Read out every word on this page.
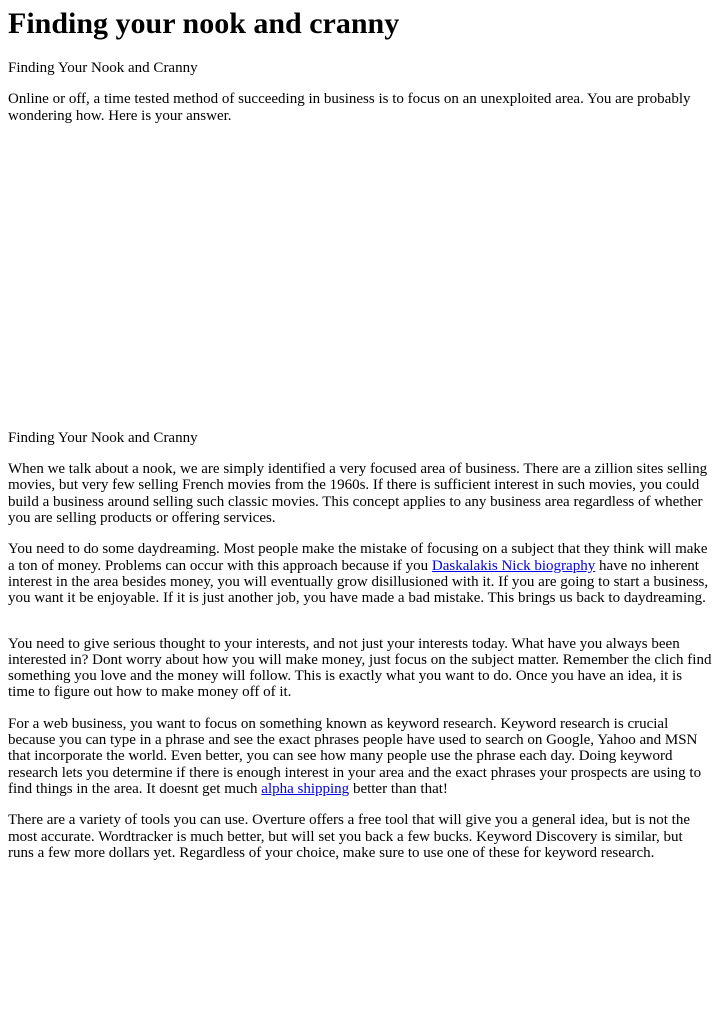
Finding your nook and cranny

Finding Your Nook and Cranny

Online or off, a time tested method of succeeding in business is to focus on an unexploited area. You are probably wondering how. Here is your answer.

Finding Your Nook and Cranny

When we talk about a nook, we are simply identified a very focused area of business. There are a zillion sites selling movies, but very few selling French movies from the 1960s. If there is sufficient interest in such movies, you could build a business around selling such classic movies. This concept applies to any business area regardless of whether you are selling products or offering services.

You need to do some daydreaming. Most people make the mistake of focusing on a subject that they think will make a ton of money. Problems can occur with this approach because if you Daskalakis Nick biography have no inherent interest in the area besides money, you will eventually grow disillusioned with it. If you are going to start a business, you want it be enjoyable. If it is just another job, you have made a bad mistake. This brings us back to daydreaming.

You need to give serious thought to your interests, and not just your interests today. What have you always been interested in? Dont worry about how you will make money, just focus on the subject matter. Remember the clich find something you love and the money will follow. This is exactly what you want to do. Once you have an idea, it is time to figure out how to make money off of it.

For a web business, you want to focus on something known as keyword research. Keyword research is crucial because you can type in a phrase and see the exact phrases people have used to search on Google, Yahoo and MSN that incorporate the world. Even better, you can see how many people use the phrase each day. Doing keyword research lets you determine if there is enough interest in your area and the exact phrases your prospects are using to find things in the area. It doesnt get much alpha shipping better than that!

There are a variety of tools you can use. Overture offers a free tool that will give you a general idea, but is not the most accurate. Wordtracker is much better, but will set you back a few bucks. Keyword Discovery is similar, but runs a few more dollars yet. Regardless of your choice, make sure to use one of these for keyword research.
